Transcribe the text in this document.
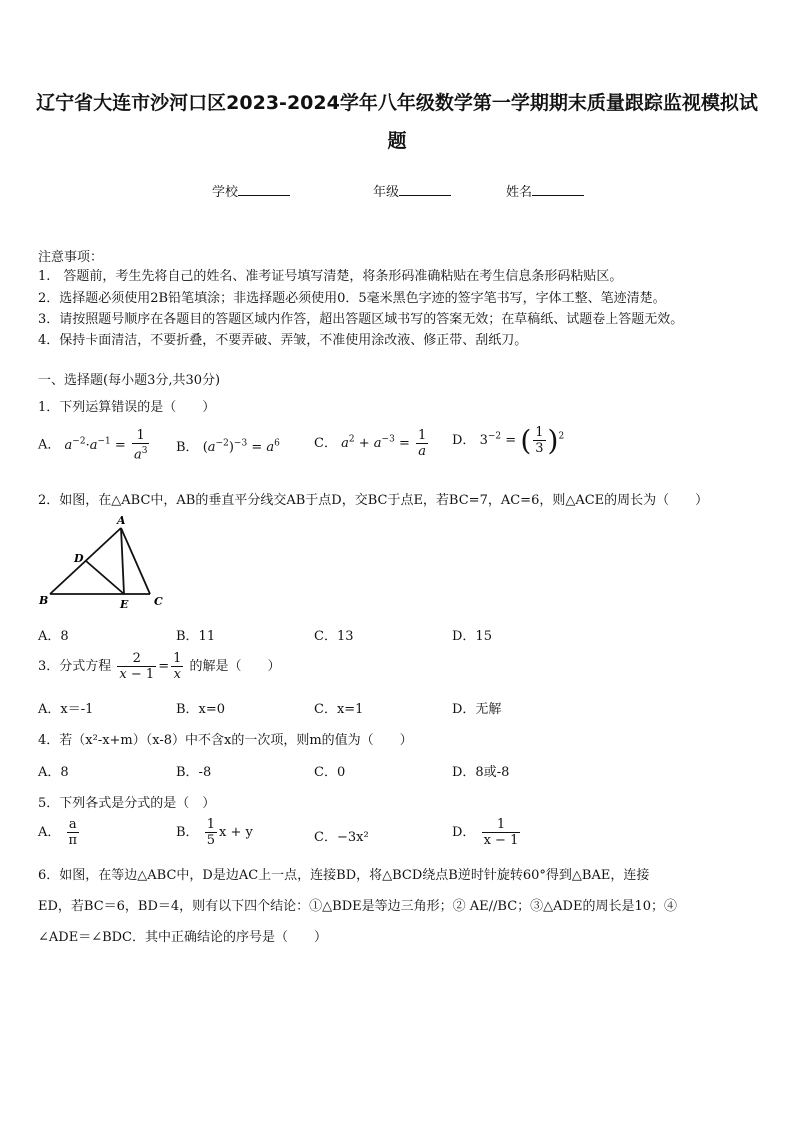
辽宁省大连市沙河口区2023-2024学年八年级数学第一学期期末质量跟踪监视模拟试
题
学校	年级	姓名
注意事项：
1.　答题前，考生先将自己的姓名、准考证号填写清楚，将条形码准确粘贴在考生信息条形码粘贴区。
2．选择题必须使用2B铅笔填涂；非选择题必须使用0．5毫米黑色字迹的签字笔书写，字体工整、笔迹清楚。
3．请按照题号顺序在各题目的答题区域内作答，超出答题区域书写的答案无效；在草稿纸、试题卷上答题无效。
4．保持卡面清洁，不要折叠，不要弄破、弄皱，不准使用涂改液、修正带、刮纸刀。
一、选择题(每小题3分,共30分)
1．下列运算错误的是（　　）
A． $a^{-2}\cdot a^{-1} = \frac{1}{a^3}$ B． $(a^{-2})^{-3} = a^6$	C． $a^2 + a^{-3} = \frac{1}{a}$ D． $3^{-2}$ = ( $\frac{1}{3} )^2$
2．如图，在△ABC中，AB的垂直平分线交AB于点D，交BC于点E，若BC=7，AC=6，则△ACE的周长为（　　）
A
B	C
D
E
A．8	B．11	C．13	D．15
3．分式方程 $\frac{2}{x - 1} = \frac{1}{x}$ 的解是（　　）
A．x＝-1	B．x=0	C．x=1	D．无解
4．若（x²-x+m）（x-8）中不含x的一次项，则m的值为（　　）
A．8	B．-8	C．0	D．8或-8
5．下列各式是分式的是（　）
A． $\frac{a}{\pi}$	B． $\frac{1}{5}$ x + y	C．−3x²	D． $\frac{1}{x - 1}$
6．如图，在等边△ABC中，D是边AC上一点，连接BD，将△BCD绕点B逆时针旋转60°得到△BAE，连接
ED，若BC＝6，BD＝4，则有以下四个结论：①△BDE是等边三角形；② AE//BC；③△ADE的周长是10；④
∠ADE＝∠BDC．其中正确结论的序号是（　　）
